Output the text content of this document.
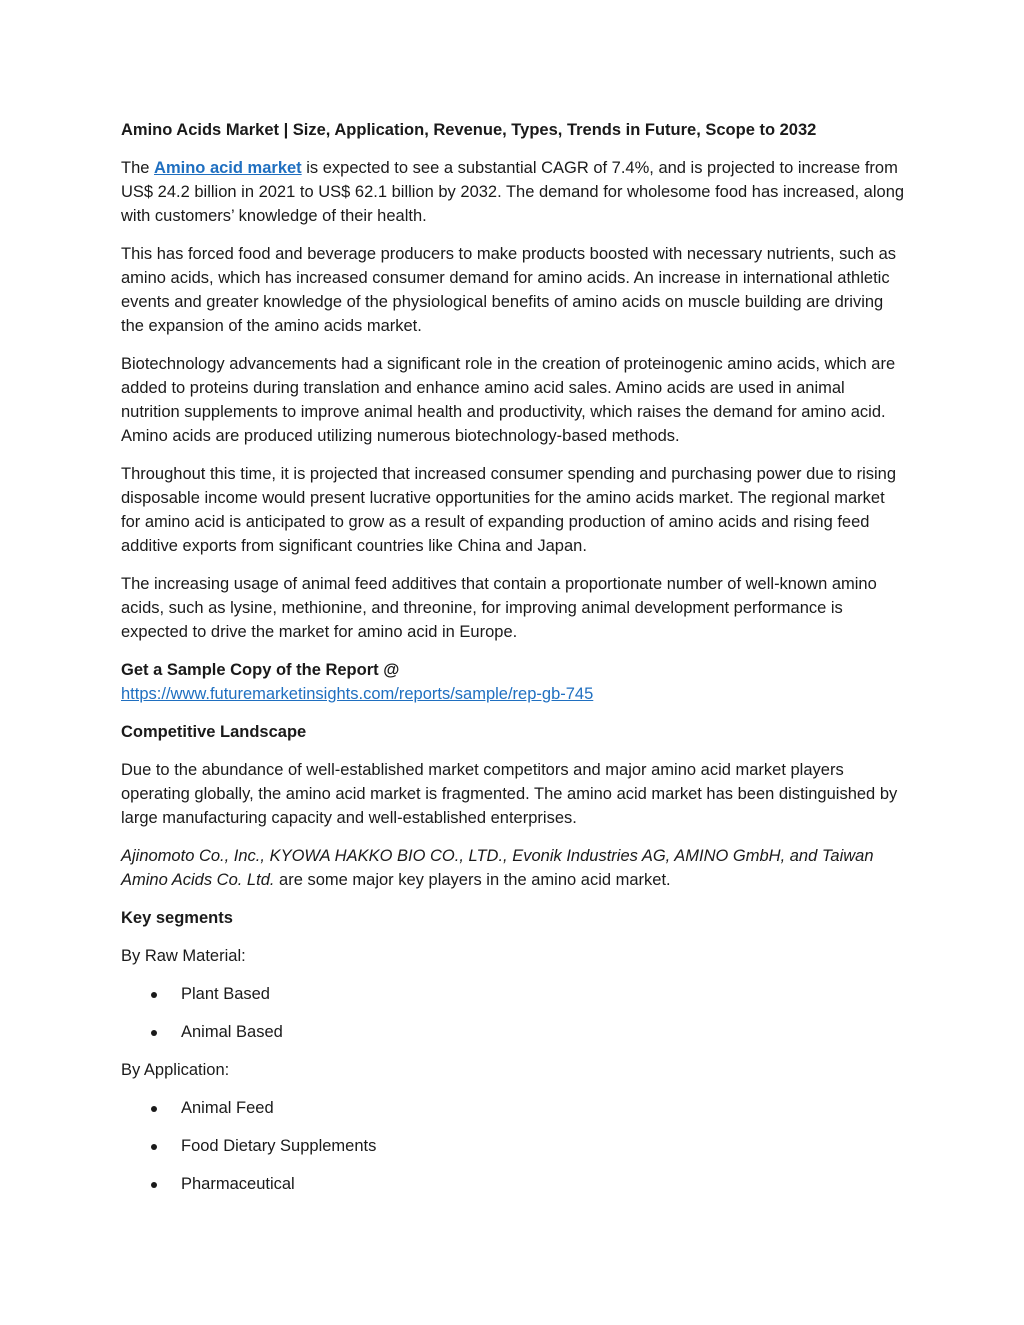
Amino Acids Market | Size, Application, Revenue, Types, Trends in Future, Scope to 2032

The Amino acid market is expected to see a substantial CAGR of 7.4%, and is projected to increase from US$ 24.2 billion in 2021 to US$ 62.1 billion by 2032. The demand for wholesome food has increased, along with customers’ knowledge of their health.

This has forced food and beverage producers to make products boosted with necessary nutrients, such as amino acids, which has increased consumer demand for amino acids. An increase in international athletic events and greater knowledge of the physiological benefits of amino acids on muscle building are driving the expansion of the amino acids market.

Biotechnology advancements had a significant role in the creation of proteinogenic amino acids, which are added to proteins during translation and enhance amino acid sales. Amino acids are used in animal nutrition supplements to improve animal health and productivity, which raises the demand for amino acid. Amino acids are produced utilizing numerous biotechnology-based methods.

Throughout this time, it is projected that increased consumer spending and purchasing power due to rising disposable income would present lucrative opportunities for the amino acids market. The regional market for amino acid is anticipated to grow as a result of expanding production of amino acids and rising feed additive exports from significant countries like China and Japan.

The increasing usage of animal feed additives that contain a proportionate number of well-known amino acids, such as lysine, methionine, and threonine, for improving animal development performance is expected to drive the market for amino acid in Europe.

Get a Sample Copy of the Report @
https://www.futuremarketinsights.com/reports/sample/rep-gb-745

Competitive Landscape

Due to the abundance of well-established market competitors and major amino acid market players operating globally, the amino acid market is fragmented. The amino acid market has been distinguished by large manufacturing capacity and well-established enterprises.

Ajinomoto Co., Inc., KYOWA HAKKO BIO CO., LTD., Evonik Industries AG, AMINO GmbH, and Taiwan Amino Acids Co. Ltd. are some major key players in the amino acid market.

Key segments

By Raw Material:

Plant Based
Animal Based

By Application:

Animal Feed
Food Dietary Supplements
Pharmaceutical
